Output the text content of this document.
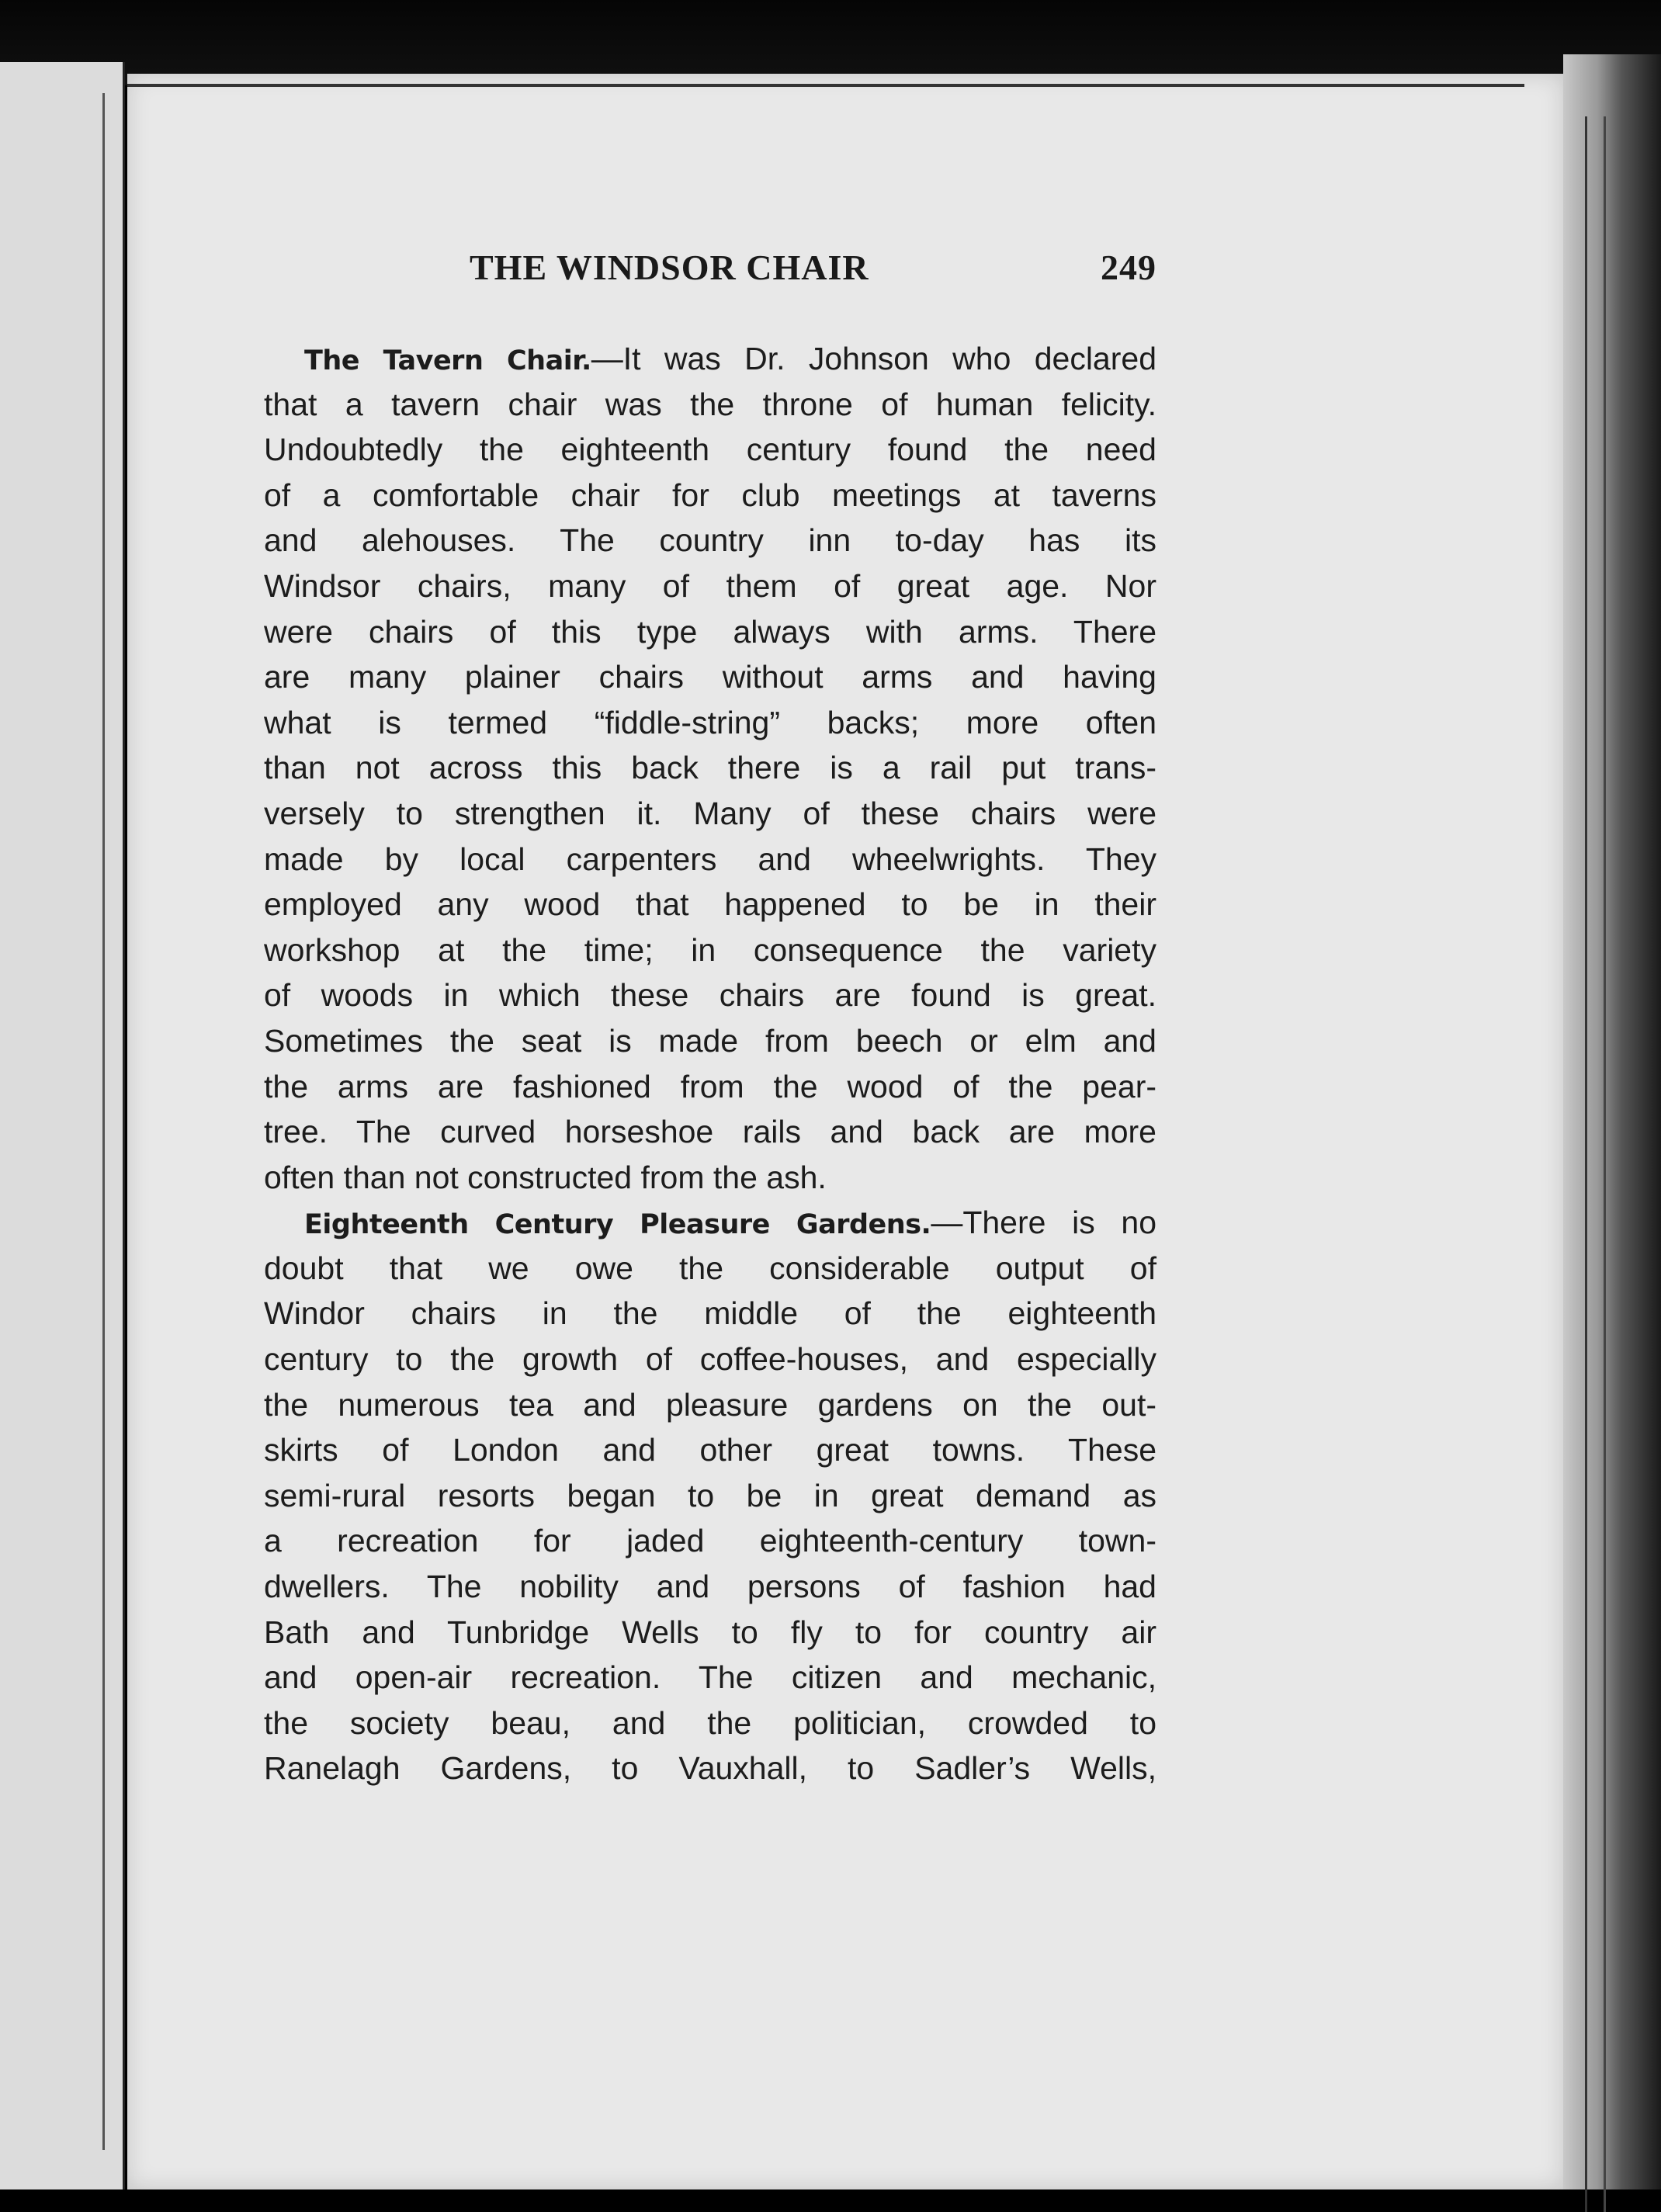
THE WINDSOR CHAIR	249
The Tavern Chair.—It was Dr. Johnson who declared
that a tavern chair was the throne of human felicity.
Undoubtedly the eighteenth century found the need
of a comfortable chair for club meetings at taverns
and alehouses. The country inn to-day has its
Windsor chairs, many of them of great age. Nor
were chairs of this type always with arms. There
are many plainer chairs without arms and having
what is termed “fiddle-string” backs; more often
than not across this back there is a rail put trans-
versely to strengthen it. Many of these chairs were
made by local carpenters and wheelwrights. They
employed any wood that happened to be in their
workshop at the time; in consequence the variety
of woods in which these chairs are found is great.
Sometimes the seat is made from beech or elm and
the arms are fashioned from the wood of the pear-
tree. The curved horseshoe rails and back are more
often than not constructed from the ash.
Eighteenth Century Pleasure Gardens.—There is no
doubt that we owe the considerable output of
Windor chairs in the middle of the eighteenth
century to the growth of coffee-houses, and especially
the numerous tea and pleasure gardens on the out-
skirts of London and other great towns. These
semi-rural resorts began to be in great demand as
a recreation for jaded eighteenth-century town-
dwellers. The nobility and persons of fashion had
Bath and Tunbridge Wells to fly to for country air
and open-air recreation. The citizen and mechanic,
the society beau, and the politician, crowded to
Ranelagh Gardens, to Vauxhall, to Sadler’s Wells,
